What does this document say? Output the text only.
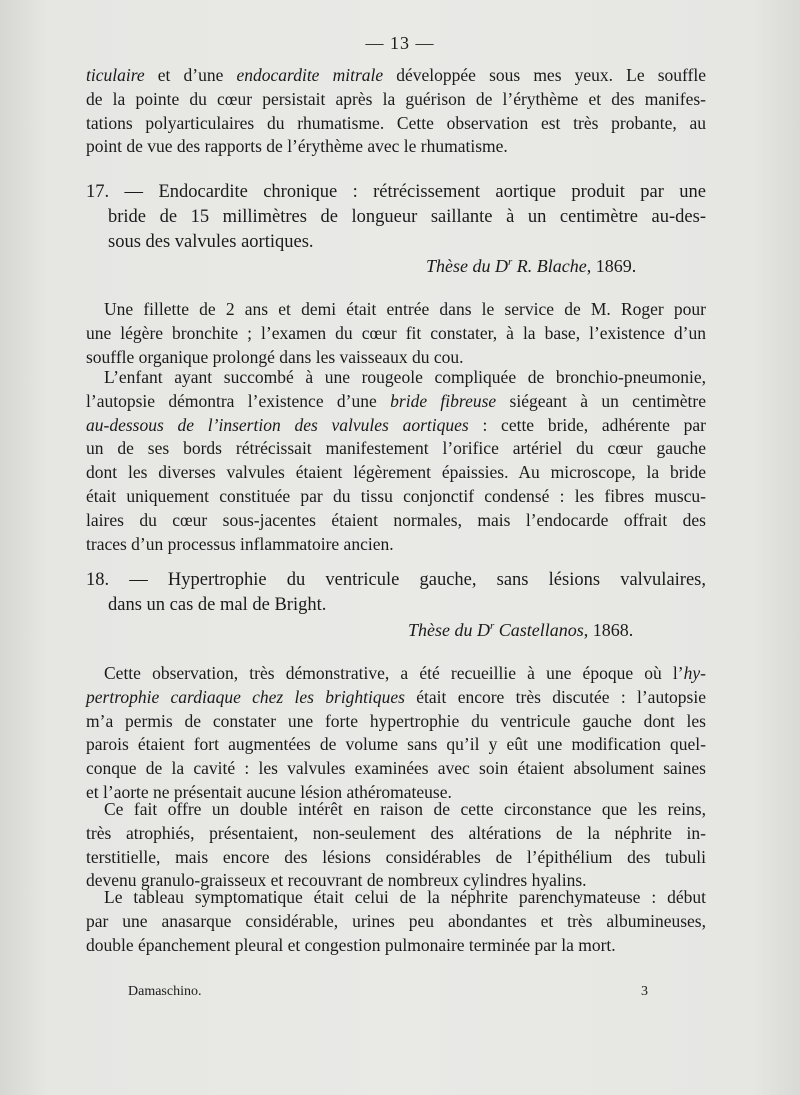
— 13 —
ticulaire et d’une endocardite mitrale développée sous mes yeux. Le souffle
de la pointe du cœur persistait après la guérison de l’érythème et des manifes-
tations polyarticulaires du rhumatisme. Cette observation est très probante, au
point de vue des rapports de l’érythème avec le rhumatisme.
17. — Endocardite chronique : rétrécissement aortique produit par une
bride de 15 millimètres de longueur saillante à un centimètre au-des-
sous des valvules aortiques.
Thèse du $D^r$ R. Blache, 1869.
Une fillette de 2 ans et demi était entrée dans le service de M. Roger pour
une légère bronchite ; l’examen du cœur fit constater, à la base, l’existence d’un
souffle organique prolongé dans les vaisseaux du cou.
L’enfant ayant succombé à une rougeole compliquée de bronchio-pneumonie,
l’autopsie démontra l’existence d’une bride fibreuse siégeant à un centimètre
au-dessous de l’insertion des valvules aortiques : cette bride, adhérente par
un de ses bords rétrécissait manifestement l’orifice artériel du cœur gauche
dont les diverses valvules étaient légèrement épaissies. Au microscope, la bride
était uniquement constituée par du tissu conjonctif condensé : les fibres muscu-
laires du cœur sous-jacentes étaient normales, mais l’endocarde offrait des
traces d’un processus inflammatoire ancien.
18. — Hypertrophie du ventricule gauche, sans lésions valvulaires,
dans un cas de mal de Bright.
Thèse du $D^r$ Castellanos, 1868.
Cette observation, très démonstrative, a été recueillie à une époque où l’hy-
pertrophie cardiaque chez les brightiques était encore très discutée : l’autopsie
m’a permis de constater une forte hypertrophie du ventricule gauche dont les
parois étaient fort augmentées de volume sans qu’il y eût une modification quel-
conque de la cavité : les valvules examinées avec soin étaient absolument saines
et l’aorte ne présentait aucune lésion athéromateuse.
Ce fait offre un double intérêt en raison de cette circonstance que les reins,
très atrophiés, présentaient, non-seulement des altérations de la néphrite in-
terstitielle, mais encore des lésions considérables de l’épithélium des tubuli
devenu granulo-graisseux et recouvrant de nombreux cylindres hyalins.
Le tableau symptomatique était celui de la néphrite parenchymateuse : début
par une anasarque considérable, urines peu abondantes et très albumineuses,
double épanchement pleural et congestion pulmonaire terminée par la mort.
Damaschino.	3
